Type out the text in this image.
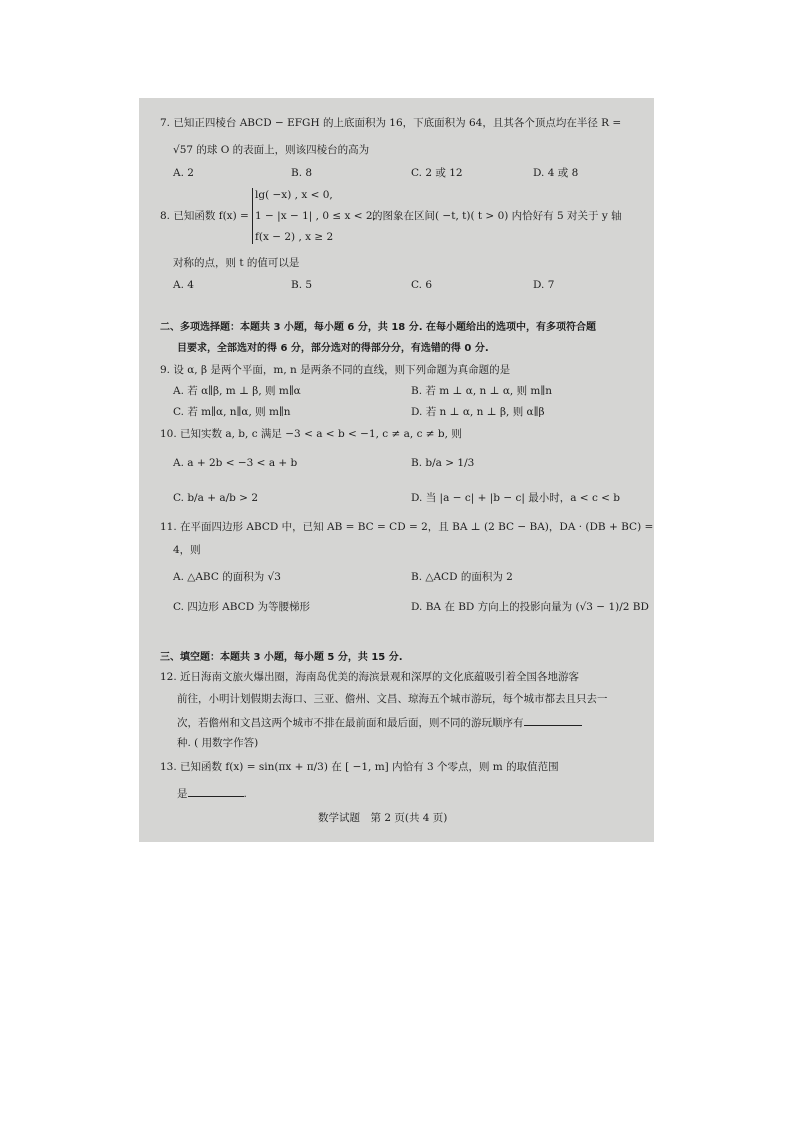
7. 已知正四棱台 ABCD − EFGH 的上底面积为 16，下底面积为 64，且其各个顶点均在半径 R =
√57 的球 O 的表面上，则该四棱台的高为
A. 2	B. 8	C. 2 或 12	D. 4 或 8
lg( −x) , x < 0,
8. 已知函数 f(x) = 1 − |x − 1| , 0 ≤ x < 2,
的图象在区间( −t, t)( t > 0) 内恰好有 5 对关于 y 轴
f(x − 2) , x ≥ 2
对称的点，则 t 的值可以是
A. 4	B. 5	C. 6	D. 7
二、多项选择题：本题共 3 小题，每小题 6 分，共 18 分. 在每小题给出的选项中，有多项符合题
目要求，全部选对的得 6 分，部分选对的得部分分，有选错的得 0 分.
9. 设 α, β 是两个平面，m, n 是两条不同的直线，则下列命题为真命题的是
A. 若 α∥β, m ⊥ β, 则 m∥α	B. 若 m ⊥ α, n ⊥ α, 则 m∥n
C. 若 m∥α, n∥α, 则 m∥n	D. 若 n ⊥ α, n ⊥ β, 则 α∥β
10. 已知实数 a, b, c 满足 −3 < a < b < −1, c ≠ a, c ≠ b, 则
A. a + 2b < −3 < a + b	B. b/a > 1/3
C. b/a + a/b > 2	D. 当 |a − c| + |b − c| 最小时，a < c < b
11. 在平面四边形 ABCD 中，已知 AB = BC = CD = 2，且 BA ⊥ (2 BC − BA)，DA · (DB + BC) =
4，则
A. △ABC 的面积为 √3	B. △ACD 的面积为 2
C. 四边形 ABCD 为等腰梯形	D. BA 在 BD 方向上的投影向量为 (√3 − 1)/2 BD
三、填空题：本题共 3 小题，每小题 5 分，共 15 分.
12. 近日海南文旅火爆出圈，海南岛优美的海滨景观和深厚的文化底蕴吸引着全国各地游客
前往，小明计划假期去海口、三亚、儋州、文昌、琼海五个城市游玩，每个城市都去且只去一
次，若儋州和文昌这两个城市不排在最前面和最后面，则不同的游玩顺序有
种. ( 用数字作答)
13. 已知函数 f(x) = sin(πx + π/3) 在 [ −1, m] 内恰有 3 个零点，则 m 的取值范围
是	.
数学试题　第 2 页(共 4 页)
